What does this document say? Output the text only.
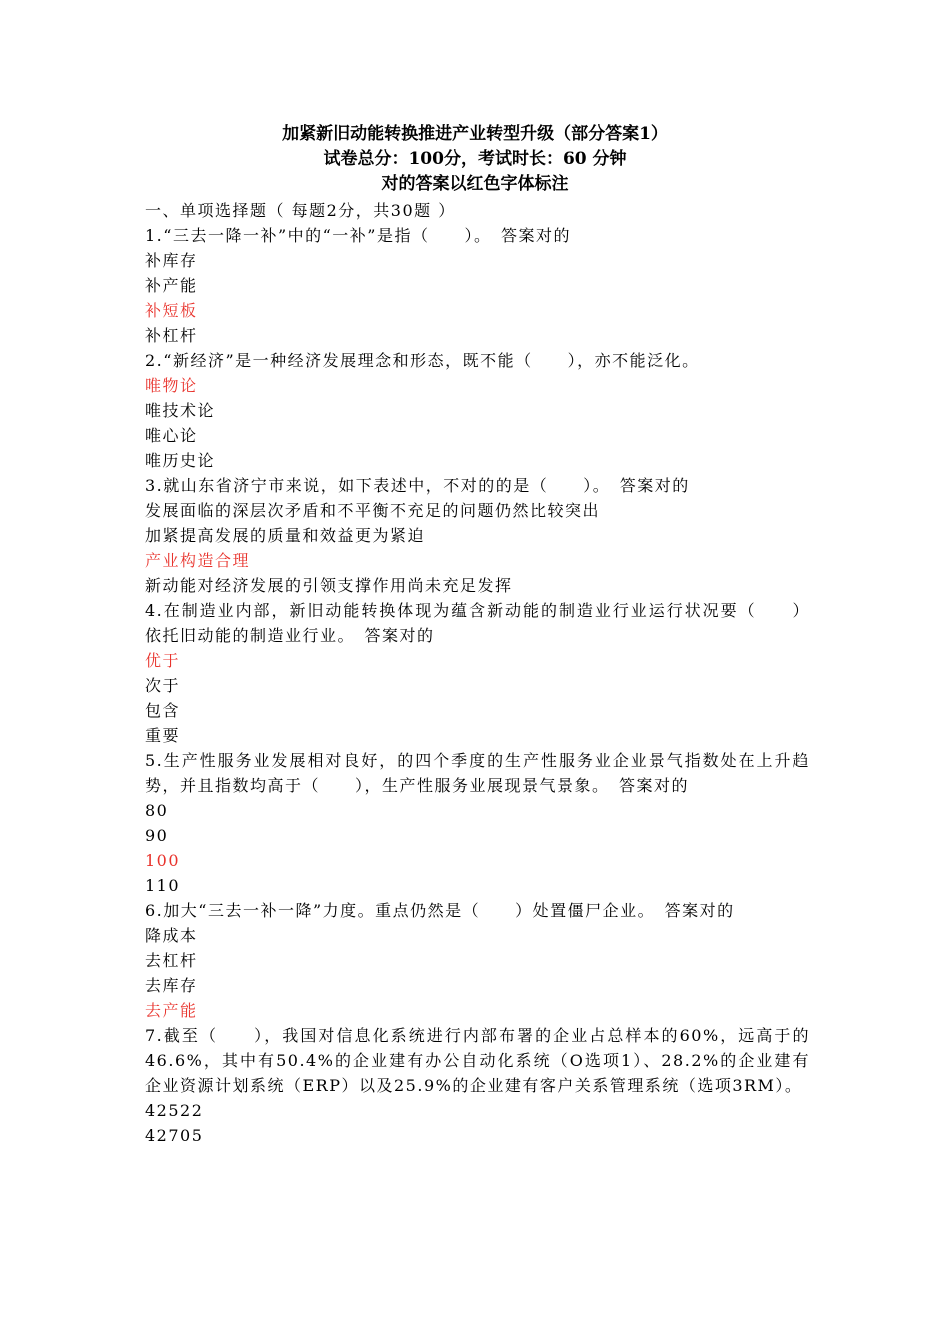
加紧新旧动能转换推进产业转型升级（部分答案1）
试卷总分：100分，考试时长：60 分钟
对的答案以红色字体标注
一、单项选择题（ 每题2分，共30题 ）
1.“三去一降一补”中的“一补”是指（　　）。　答案对的
补库存
补产能
补短板
补杠杆
2.“新经济”是一种经济发展理念和形态，既不能（　　），亦不能泛化。
唯物论
唯技术论
唯心论
唯历史论
3.就山东省济宁市来说，如下表述中，不对的的是（　　）。　答案对的
发展面临的深层次矛盾和不平衡不充足的问题仍然比较突出
加紧提高发展的质量和效益更为紧迫
产业构造合理
新动能对经济发展的引领支撑作用尚未充足发挥
4.在制造业内部，新旧动能转换体现为蕴含新动能的制造业行业运行状况要（　　）依托旧动能的制造业行业。　答案对的
优于
次于
包含
重要
5.生产性服务业发展相对良好，的四个季度的生产性服务业企业景气指数处在上升趋势，并且指数均高于（　　），生产性服务业展现景气景象。　答案对的
80
90
100
110
6.加大“三去一补一降”力度。重点仍然是（　　）处置僵尸企业。　答案对的
降成本
去杠杆
去库存
去产能
7.截至（　　），我国对信息化系统进行内部布署的企业占总样本的60%，远高于的46.6%，其中有50.4%的企业建有办公自动化系统（O选项1）、28.2%的企业建有企业资源计划系统（ERP）以及25.9%的企业建有客户关系管理系统（选项3RM）。
42522
42705
